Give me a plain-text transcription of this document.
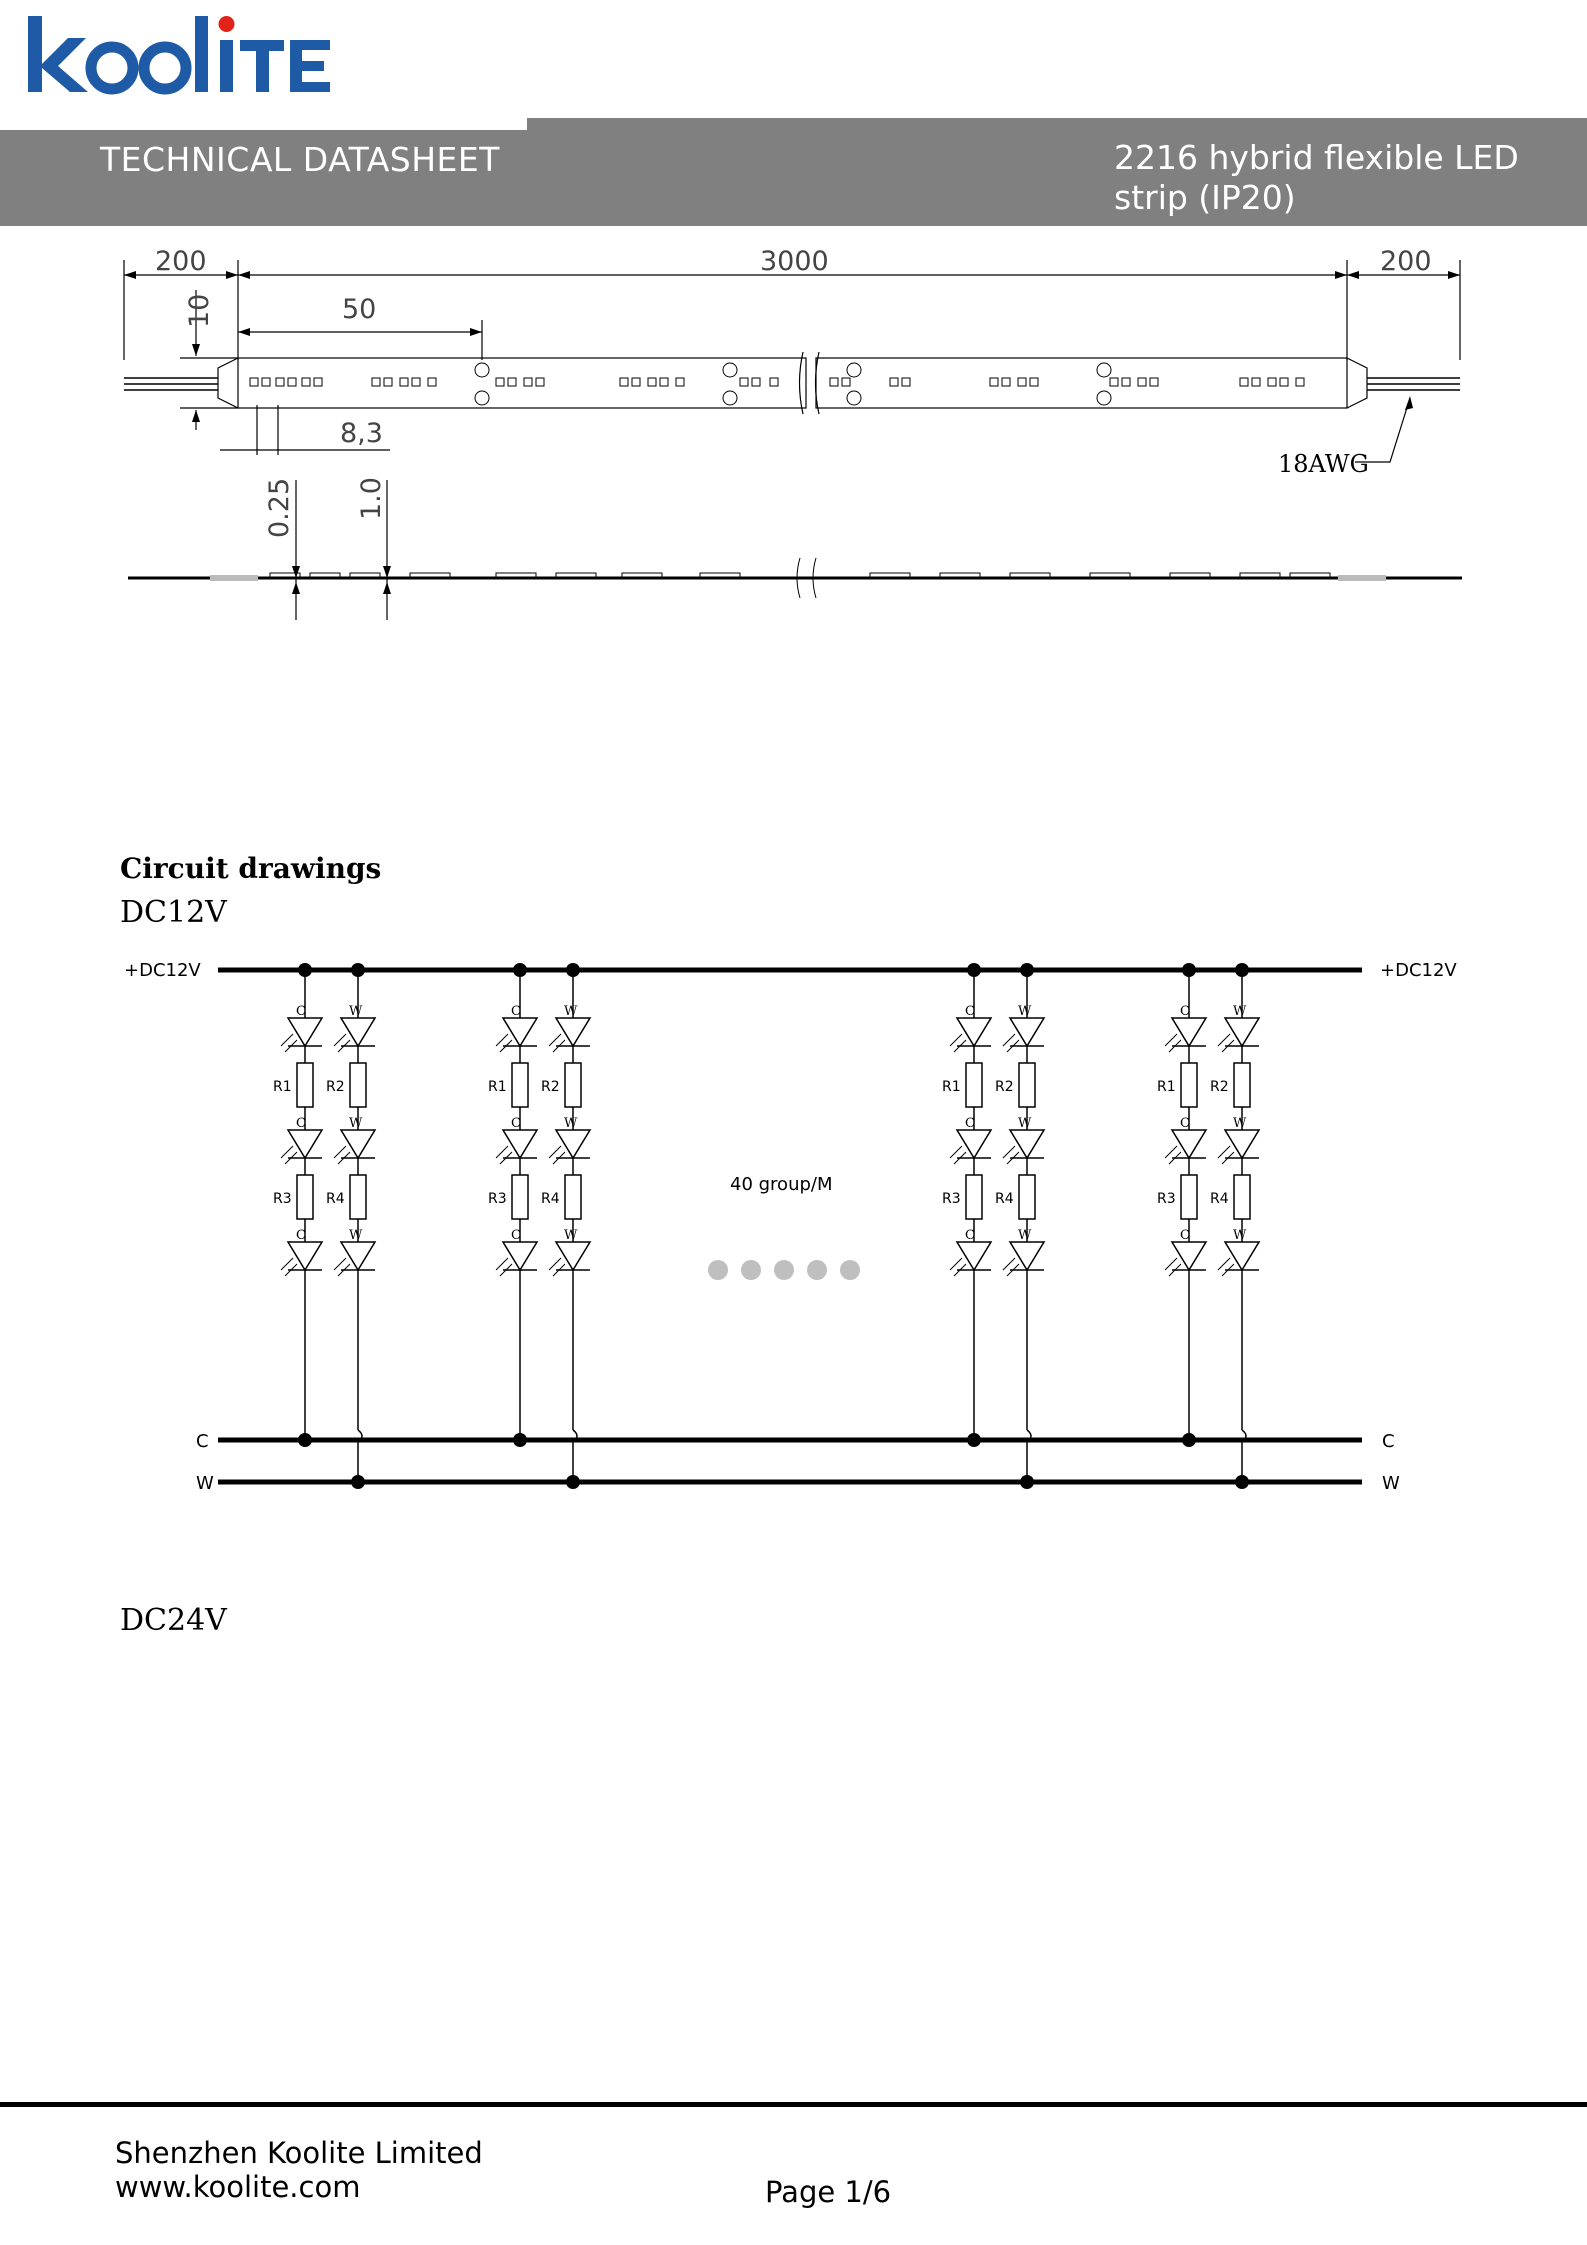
TECHNICAL DATASHEET	2216 hybrid flexible LED strip (IP20)
200	3000	200
50
8,3
10
0.25 1.0
18AWG
Circuit drawings
DC12V
+DC12V	+DC12V
C	C
W	W
40 group/M
C
C
C
R1
R3
W
W
W
R2
R4
C
C
C
R1
R3
W
W
W
R2
R4
C
C
C
R1
R3
W
W
W
R2
R4
C
C
C
R1
R3
W
W
W
R2
R4
DC24V
Shenzhen Koolite Limited
www.koolite.com	Page 1/6
